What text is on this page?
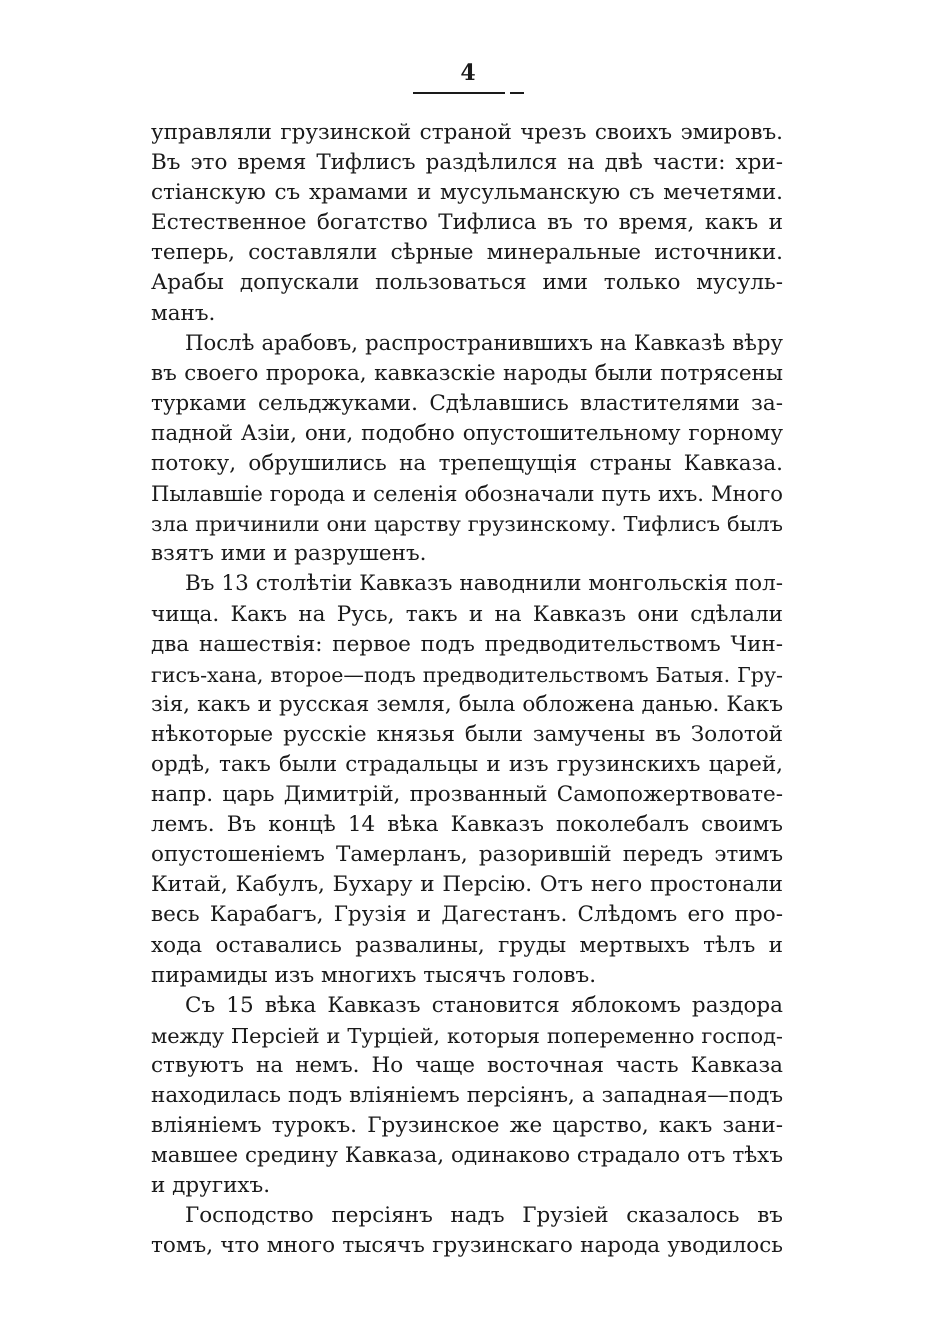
4
управляли грузинской страной чрезъ своихъ эмировъ.
Въ это время Тифлисъ раздѣлился на двѣ части: хри-
стіанскую съ храмами и мусульманскую съ мечетями.
Естественное богатство Тифлиса въ то время, какъ и
теперь, составляли сѣрные минеральные источники.
Арабы допускали пользоваться ими только мусуль-
манъ.
Послѣ арабовъ, распространившихъ на Кавказѣ вѣру
въ своего пророка, кавказскіе народы были потрясены
турками сельджуками. Сдѣлавшись властителями за-
падной Азіи, они, подобно опустошительному горному
потоку, обрушились на трепещущія страны Кавказа.
Пылавшіе города и селенія обозначали путь ихъ. Много
зла причинили они царству грузинскому. Тифлисъ былъ
взятъ ими и разрушенъ.
Въ 13 столѣтіи Кавказъ наводнили монгольскія пол-
чища. Какъ на Русь, такъ и на Кавказъ они сдѣлали
два нашествія: первое подъ предводительствомъ Чин-
гисъ-хана, второе—подъ предводительствомъ Батыя. Гру-
зія, какъ и русская земля, была обложена данью. Какъ
нѣкоторые русскіе князья были замучены въ Золотой
ордѣ, такъ были страдальцы и изъ грузинскихъ царей,
напр. царь Димитрій, прозванный Самопожертвовате-
лемъ. Въ концѣ 14 вѣка Кавказъ поколебалъ своимъ
опустошеніемъ Тамерланъ, разорившій передъ этимъ
Китай, Кабулъ, Бухару и Персію. Отъ него простонали
весь Карабагъ, Грузія и Дагестанъ. Слѣдомъ его про-
хода оставались развалины, груды мертвыхъ тѣлъ и
пирамиды изъ многихъ тысячъ головъ.
Съ 15 вѣка Кавказъ становится яблокомъ раздора
между Персіей и Турціей, которыя попеременно господ-
ствуютъ на немъ. Но чаще восточная часть Кавказа
находилась подъ вліяніемъ персіянъ, а западная—подъ
вліяніемъ турокъ. Грузинское же царство, какъ зани-
мавшее средину Кавказа, одинаково страдало отъ тѣхъ
и другихъ.
Господство персіянъ надъ Грузіей сказалось въ
томъ, что много тысячъ грузинскаго народа уводилось
